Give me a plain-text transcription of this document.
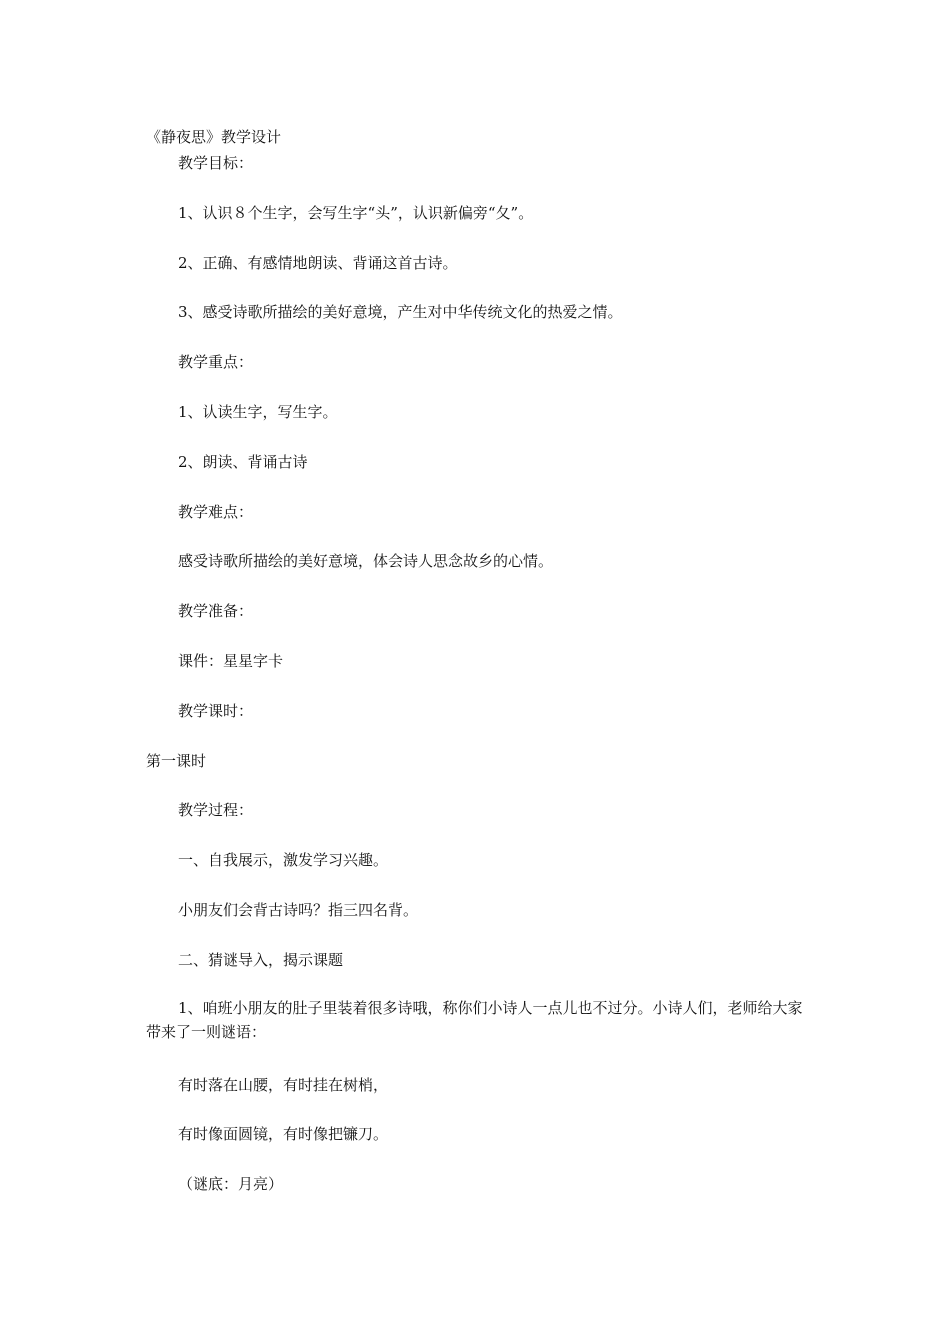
《静夜思》教学设计

教学目标：

1、认识８个生字，会写生字“头”，认识新偏旁“夂”。

2、正确、有感情地朗读、背诵这首古诗。

3、感受诗歌所描绘的美好意境，产生对中华传统文化的热爱之情。

教学重点：

1、认读生字，写生字。

2、朗读、背诵古诗

教学难点：

感受诗歌所描绘的美好意境，体会诗人思念故乡的心情。

教学准备：

课件：星星字卡

教学课时：

第一课时

教学过程：

一、自我展示，激发学习兴趣。

小朋友们会背古诗吗？指三四名背。

二、猜谜导入，揭示课题

1、咱班小朋友的肚子里装着很多诗哦，称你们小诗人一点儿也不过分。小诗人们，老师给大家带来了一则谜语：

有时落在山腰，有时挂在树梢，

有时像面圆镜，有时像把镰刀。

（谜底：月亮）
